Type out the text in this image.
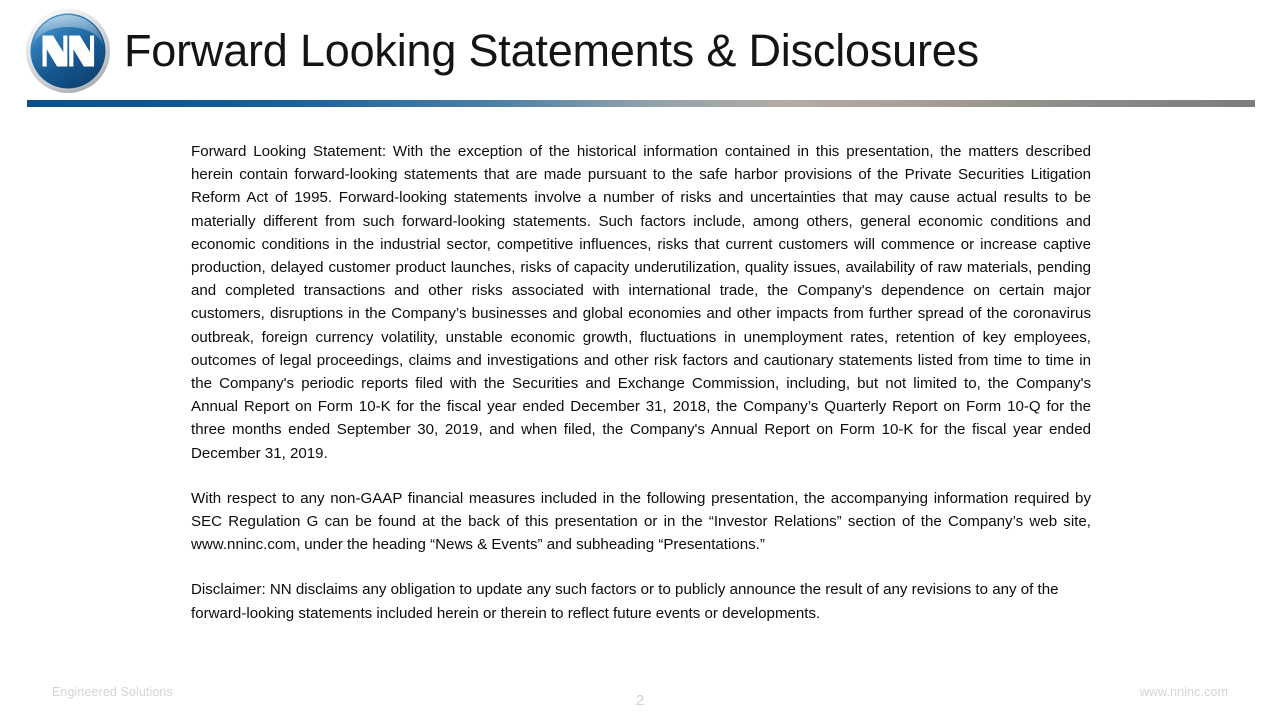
Forward Looking Statements & Disclosures

Forward Looking Statement: With the exception of the historical information contained in this presentation, the matters described herein contain forward-looking statements that are made pursuant to the safe harbor provisions of the Private Securities Litigation Reform Act of 1995. Forward-looking statements involve a number of risks and uncertainties that may cause actual results to be materially different from such forward-looking statements. Such factors include, among others, general economic conditions and economic conditions in the industrial sector, competitive influences, risks that current customers will commence or increase captive production, delayed customer product launches, risks of capacity underutilization, quality issues, availability of raw materials, pending and completed transactions and other risks associated with international trade, the Company's dependence on certain major customers, disruptions in the Company’s businesses and global economies and other impacts from further spread of the coronavirus outbreak, foreign currency volatility, unstable economic growth, fluctuations in unemployment rates, retention of key employees, outcomes of legal proceedings, claims and investigations and other risk factors and cautionary statements listed from time to time in the Company's periodic reports filed with the Securities and Exchange Commission, including, but not limited to, the Company's Annual Report on Form 10-K for the fiscal year ended December 31, 2018, the Company’s Quarterly Report on Form 10-Q for the three months ended September 30, 2019, and when filed, the Company's Annual Report on Form 10-K for the fiscal year ended December 31, 2019.

With respect to any non-GAAP financial measures included in the following presentation, the accompanying information required by SEC Regulation G can be found at the back of this presentation or in the “Investor Relations” section of the Company’s web site, www.nninc.com, under the heading “News & Events” and subheading “Presentations.”

Disclaimer: NN disclaims any obligation to update any such factors or to publicly announce the result of any revisions to any of the forward-looking statements included herein or therein to reflect future events or developments.

Engineered Solutions	2	www.nninc.com
